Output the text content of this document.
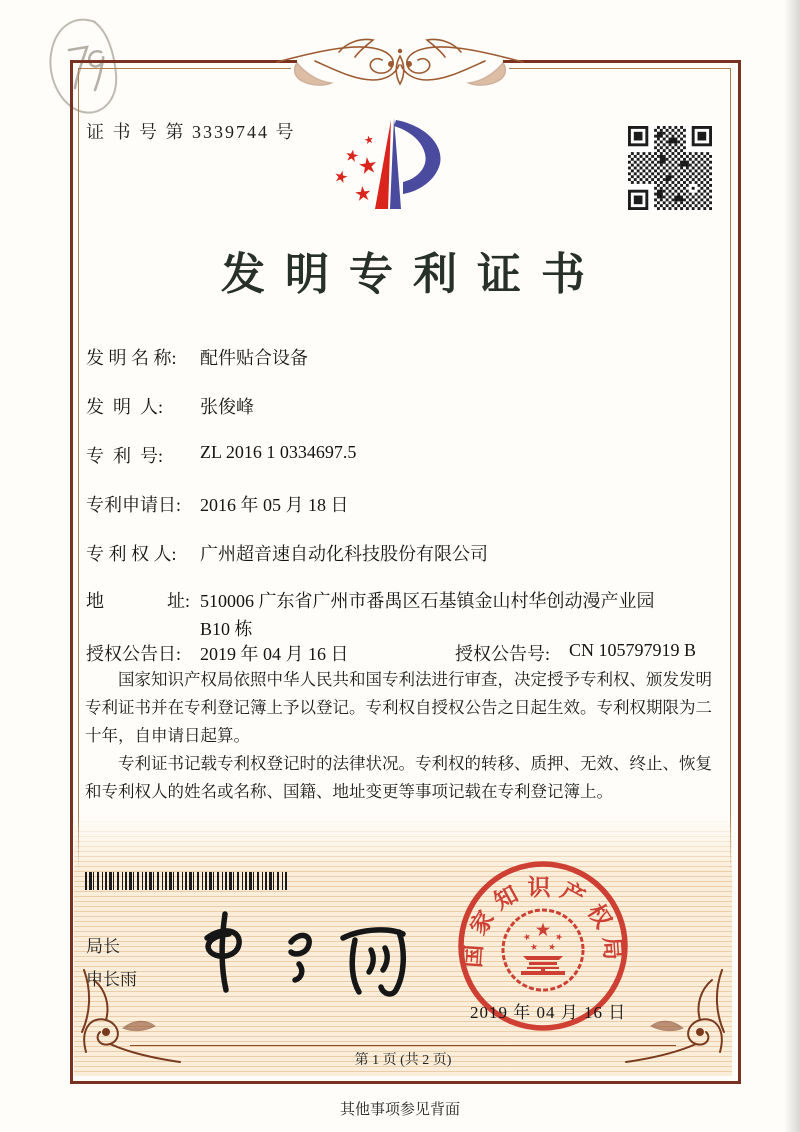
证 书 号 第 3339744 号
发明专利证书
发 明 名 称: 配件贴合设备
发  明  人: 张俊峰
专  利  号: ZL 2016 1 0334697.5
专利申请日: 2016 年 05 月 18 日
专 利 权 人: 广州超音速自动化科技股份有限公司
地              址: 510006 广东省广州市番禺区石基镇金山村华创动漫产业园 B10 栋
授权公告日: 2019 年 04 月 16 日	授权公告号: CN 105797919 B

国家知识产权局依照中华人民共和国专利法进行审查，决定授予专利权、颁发发明专利证书并在专利登记簿上予以登记。专利权自授权公告之日起生效。专利权期限为二十年，自申请日起算。

专利证书记载专利权登记时的法律状况。专利权的转移、质押、无效、终止、恢复和专利权人的姓名或名称、国籍、地址变更等事项记载在专利登记簿上。

局长
申长雨
国家知识产权局
2019 年 04 月 16 日
第 1 页 (共 2 页)
其他事项参见背面
